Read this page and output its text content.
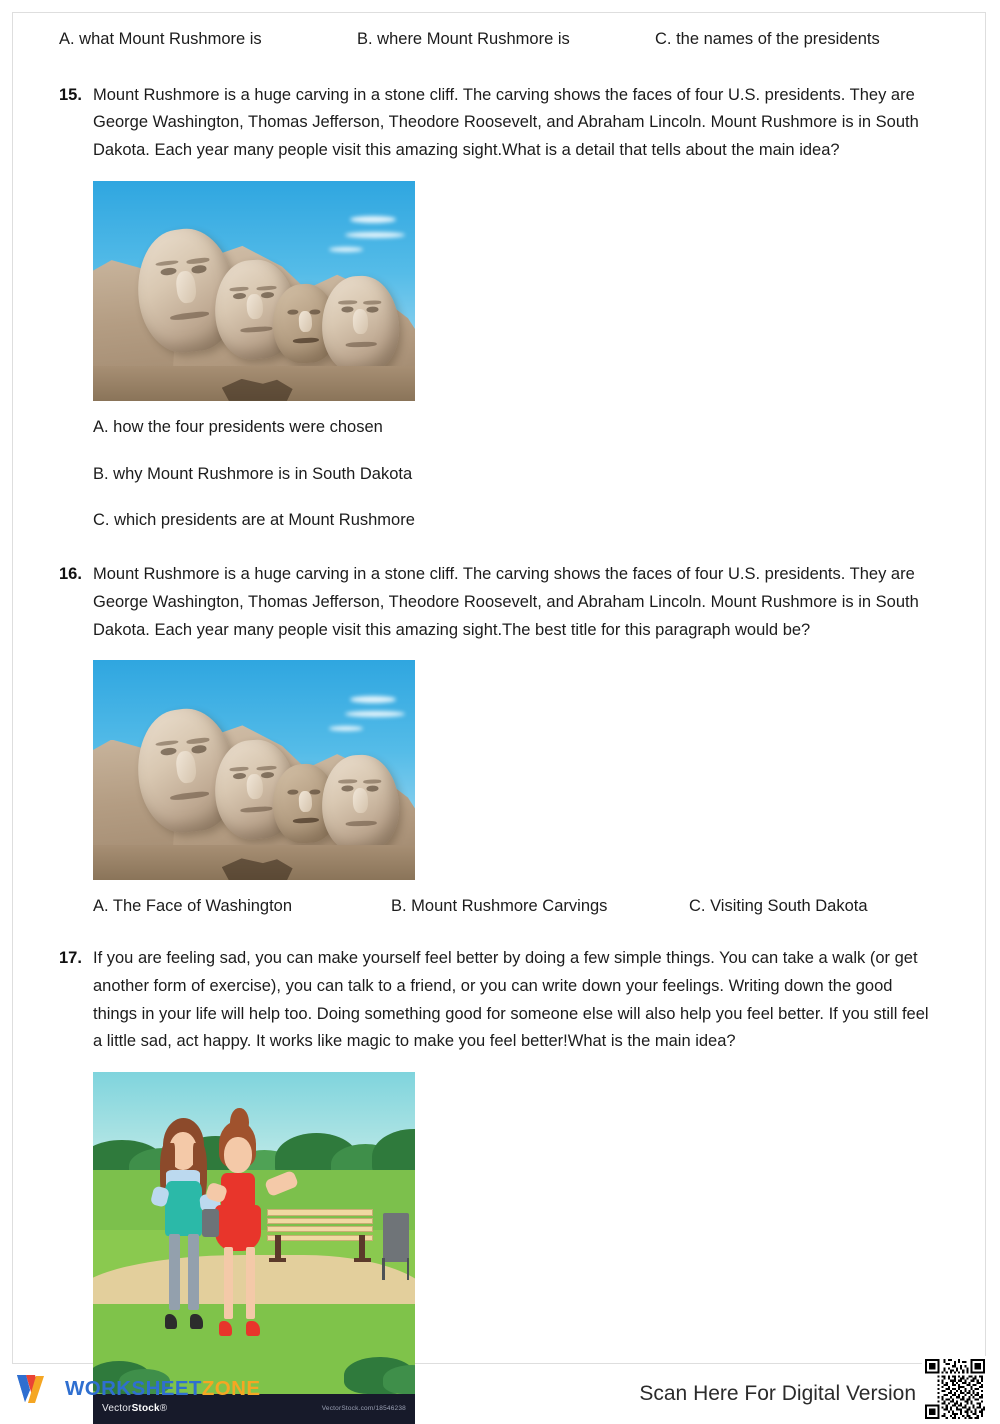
A. what Mount Rushmore is	B. where Mount Rushmore is	C. the names of the presidents
15. Mount Rushmore is a huge carving in a stone cliff. The carving shows the faces of four U.S. presidents. They are George Washington, Thomas Jefferson, Theodore Roosevelt, and Abraham Lincoln. Mount Rushmore is in South Dakota. Each year many people visit this amazing sight.What is a detail that tells about the main idea?

A. how the four presidents were chosen
B. why Mount Rushmore is in South Dakota
C. which presidents are at Mount Rushmore
16. Mount Rushmore is a huge carving in a stone cliff. The carving shows the faces of four U.S. presidents. They are George Washington, Thomas Jefferson, Theodore Roosevelt, and Abraham Lincoln. Mount Rushmore is in South Dakota. Each year many people visit this amazing sight.The best title for this paragraph would be?

A. The Face of Washington	B. Mount Rushmore Carvings	C. Visiting South Dakota
17. If you are feeling sad, you can make yourself feel better by doing a few simple things. You can take a walk (or get another form of exercise), you can talk to a friend, or you can write down your feelings. Writing down the good things in your life will help too. Doing something good for someone else will also help you feel better. If you still feel a little sad, act happy. It works like magic to make you feel better!What is the main idea?

VectorStock®	VectorStock.com/18546238
WORKSHEETZONE	Scan Here For Digital Version
